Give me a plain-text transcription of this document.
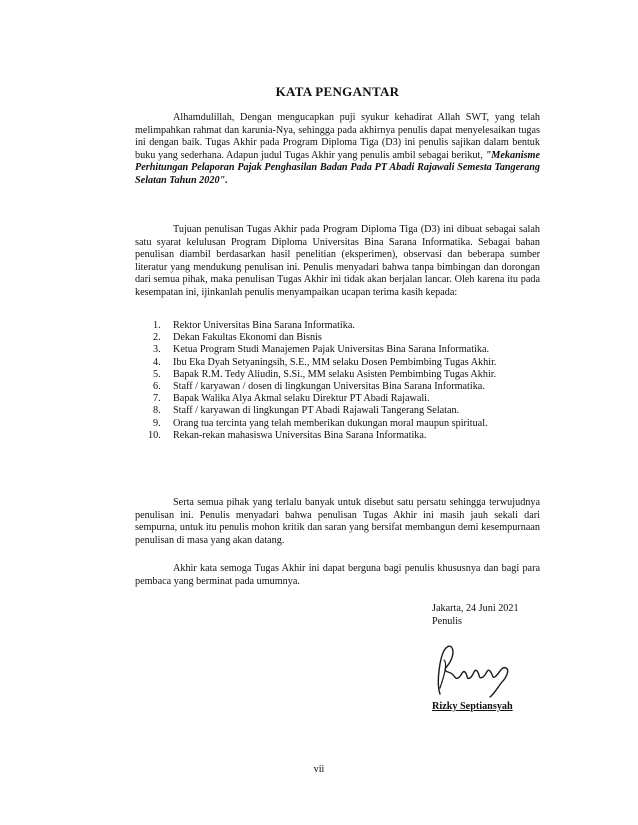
KATA PENGANTAR

Alhamdulillah, Dengan mengucapkan puji syukur kehadirat Allah SWT, yang telah melimpahkan rahmat dan karunia-Nya, sehingga pada akhirnya penulis dapat menyelesaikan tugas ini dengan baik. Tugas Akhir pada Program Diploma Tiga (D3) ini penulis sajikan dalam bentuk buku yang sederhana. Adapun judul Tugas Akhir yang penulis ambil sebagai berikut, "Mekanisme Perhitungan Pelaporan Pajak Penghasilan Badan Pada PT Abadi Rajawali Semesta Tangerang Selatan Tahun 2020".

Tujuan penulisan Tugas Akhir pada Program Diploma Tiga (D3) ini dibuat sebagai salah satu syarat kelulusan Program Diploma Universitas Bina Sarana Informatika. Sebagai bahan penulisan diambil berdasarkan hasil penelitian (eksperimen), observasi dan beberapa sumber literatur yang mendukung penulisan ini. Penulis menyadari bahwa tanpa bimbingan dan dorongan dari semua pihak, maka penulisan Tugas Akhir ini tidak akan berjalan lancar. Oleh karena itu pada kesempatan ini, ijinkanlah penulis menyampaikan ucapan terima kasih kepada:

1. Rektor Universitas Bina Sarana Informatika.
2. Dekan Fakultas Ekonomi dan Bisnis
3. Ketua Program Studi Manajemen Pajak Universitas Bina Sarana Informatika.
4. Ibu Eka Dyah Setyaningsih, S.E., MM selaku Dosen Pembimbing Tugas Akhir.
5. Bapak R.M. Tedy Aliudin, S.Si., MM selaku Asisten Pembimbing Tugas Akhir.
6. Staff / karyawan / dosen di lingkungan Universitas Bina Sarana Informatika.
7. Bapak Walika Alya Akmal selaku Direktur PT Abadi Rajawali.
8. Staff / karyawan di lingkungan PT Abadi Rajawali Tangerang Selatan.
9. Orang tua tercinta yang telah memberikan dukungan moral maupun spiritual.
10. Rekan-rekan mahasiswa Universitas Bina Sarana Informatika.

Serta semua pihak yang terlalu banyak untuk disebut satu persatu sehingga terwujudnya penulisan ini. Penulis menyadari bahwa penulisan Tugas Akhir ini masih jauh sekali dari sempurna, untuk itu penulis mohon kritik dan saran yang bersifat membangun demi kesempurnaan penulisan di masa yang akan datang.

Akhir kata semoga Tugas Akhir ini dapat berguna bagi penulis khususnya dan bagi para pembaca yang berminat pada umumnya.

Jakarta, 24 Juni 2021
Penulis
Rizky Septiansyah
vii
